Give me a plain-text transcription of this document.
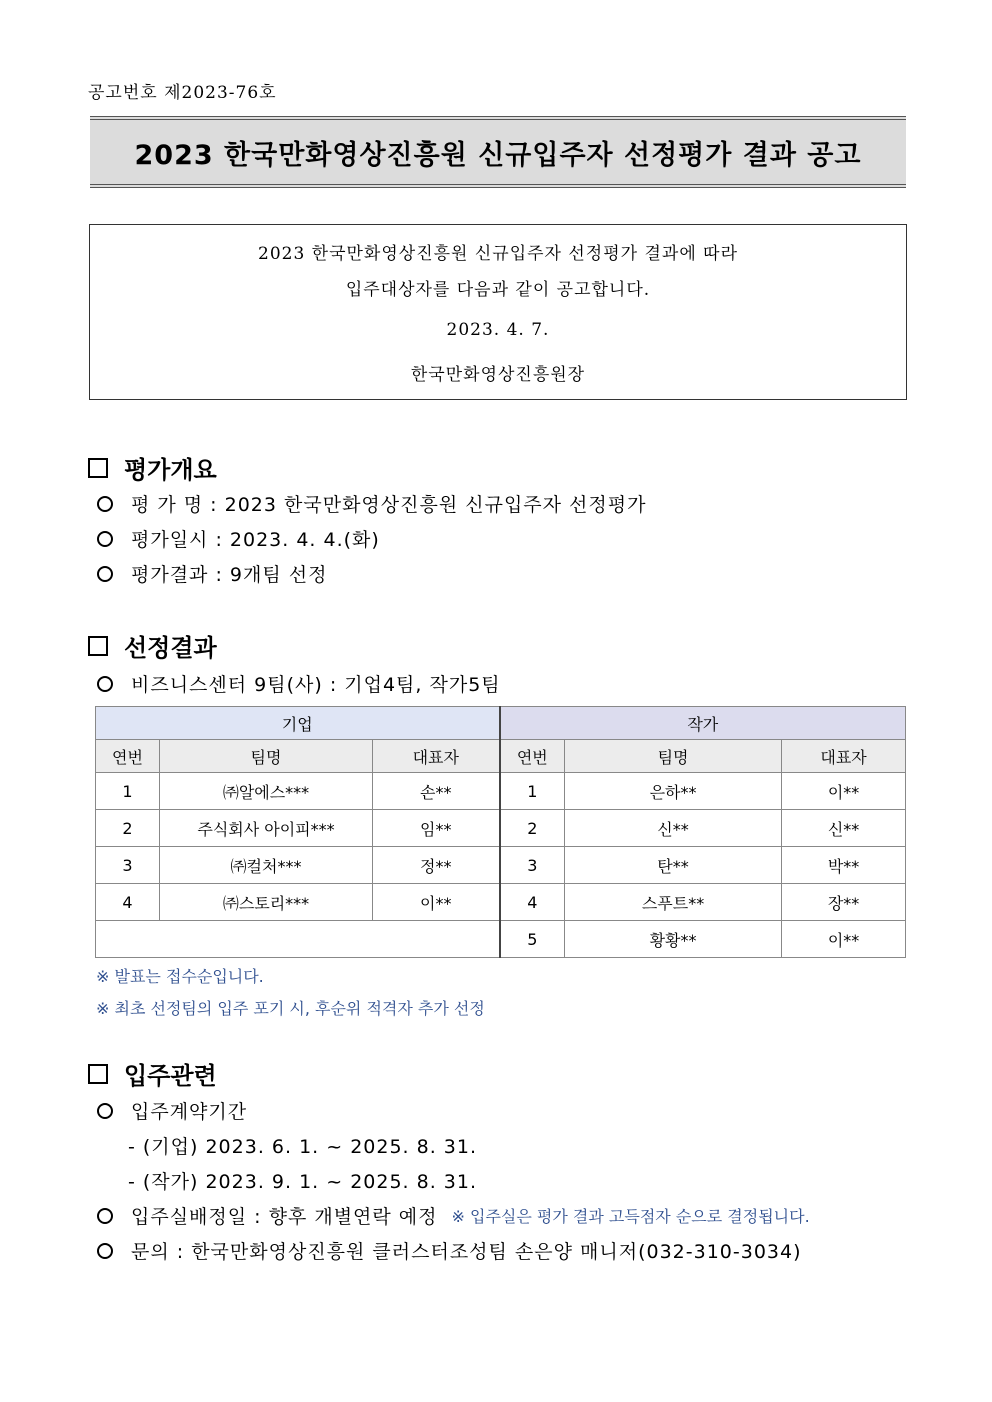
공고번호 제2023-76호
2023 한국만화영상진흥원 신규입주자 선정평가 결과 공고
2023 한국만화영상진흥원 신규입주자 선정평가 결과에 따라
입주대상자를 다음과 같이 공고합니다.
2023. 4. 7.
한국만화영상진흥원장
평가개요
평 가 명 : 2023 한국만화영상진흥원 신규입주자 선정평가
평가일시 : 2023. 4. 4.(화)
평가결과 : 9개팀 선정
선정결과
비즈니스센터 9팀(사) : 기업4팀, 작가5팀
기업			작가		
연번	팀명	대표자	연번	팀명	대표자
1	㈜알에스***	손**	1	은하**	이**
2	주식회사 아이피***	임**	2	신**	신**
3	㈜컬처***	정**	3	탄**	박**
4	㈜스토리***	이**	4	스푸트**	장**
			5	황황**	이**
※ 발표는 접수순입니다.
※ 최초 선정팀의 입주 포기 시, 후순위 적격자 추가 선정
입주관련
입주계약기간
- (기업) 2023. 6. 1. ~ 2025. 8. 31.
- (작가) 2023. 9. 1. ~ 2025. 8. 31.
입주실배정일 : 향후 개별연락 예정 ※ 입주실은 평가 결과 고득점자 순으로 결정됩니다.
문의 : 한국만화영상진흥원 클러스터조성팀 손은양 매니저(032-310-3034)
